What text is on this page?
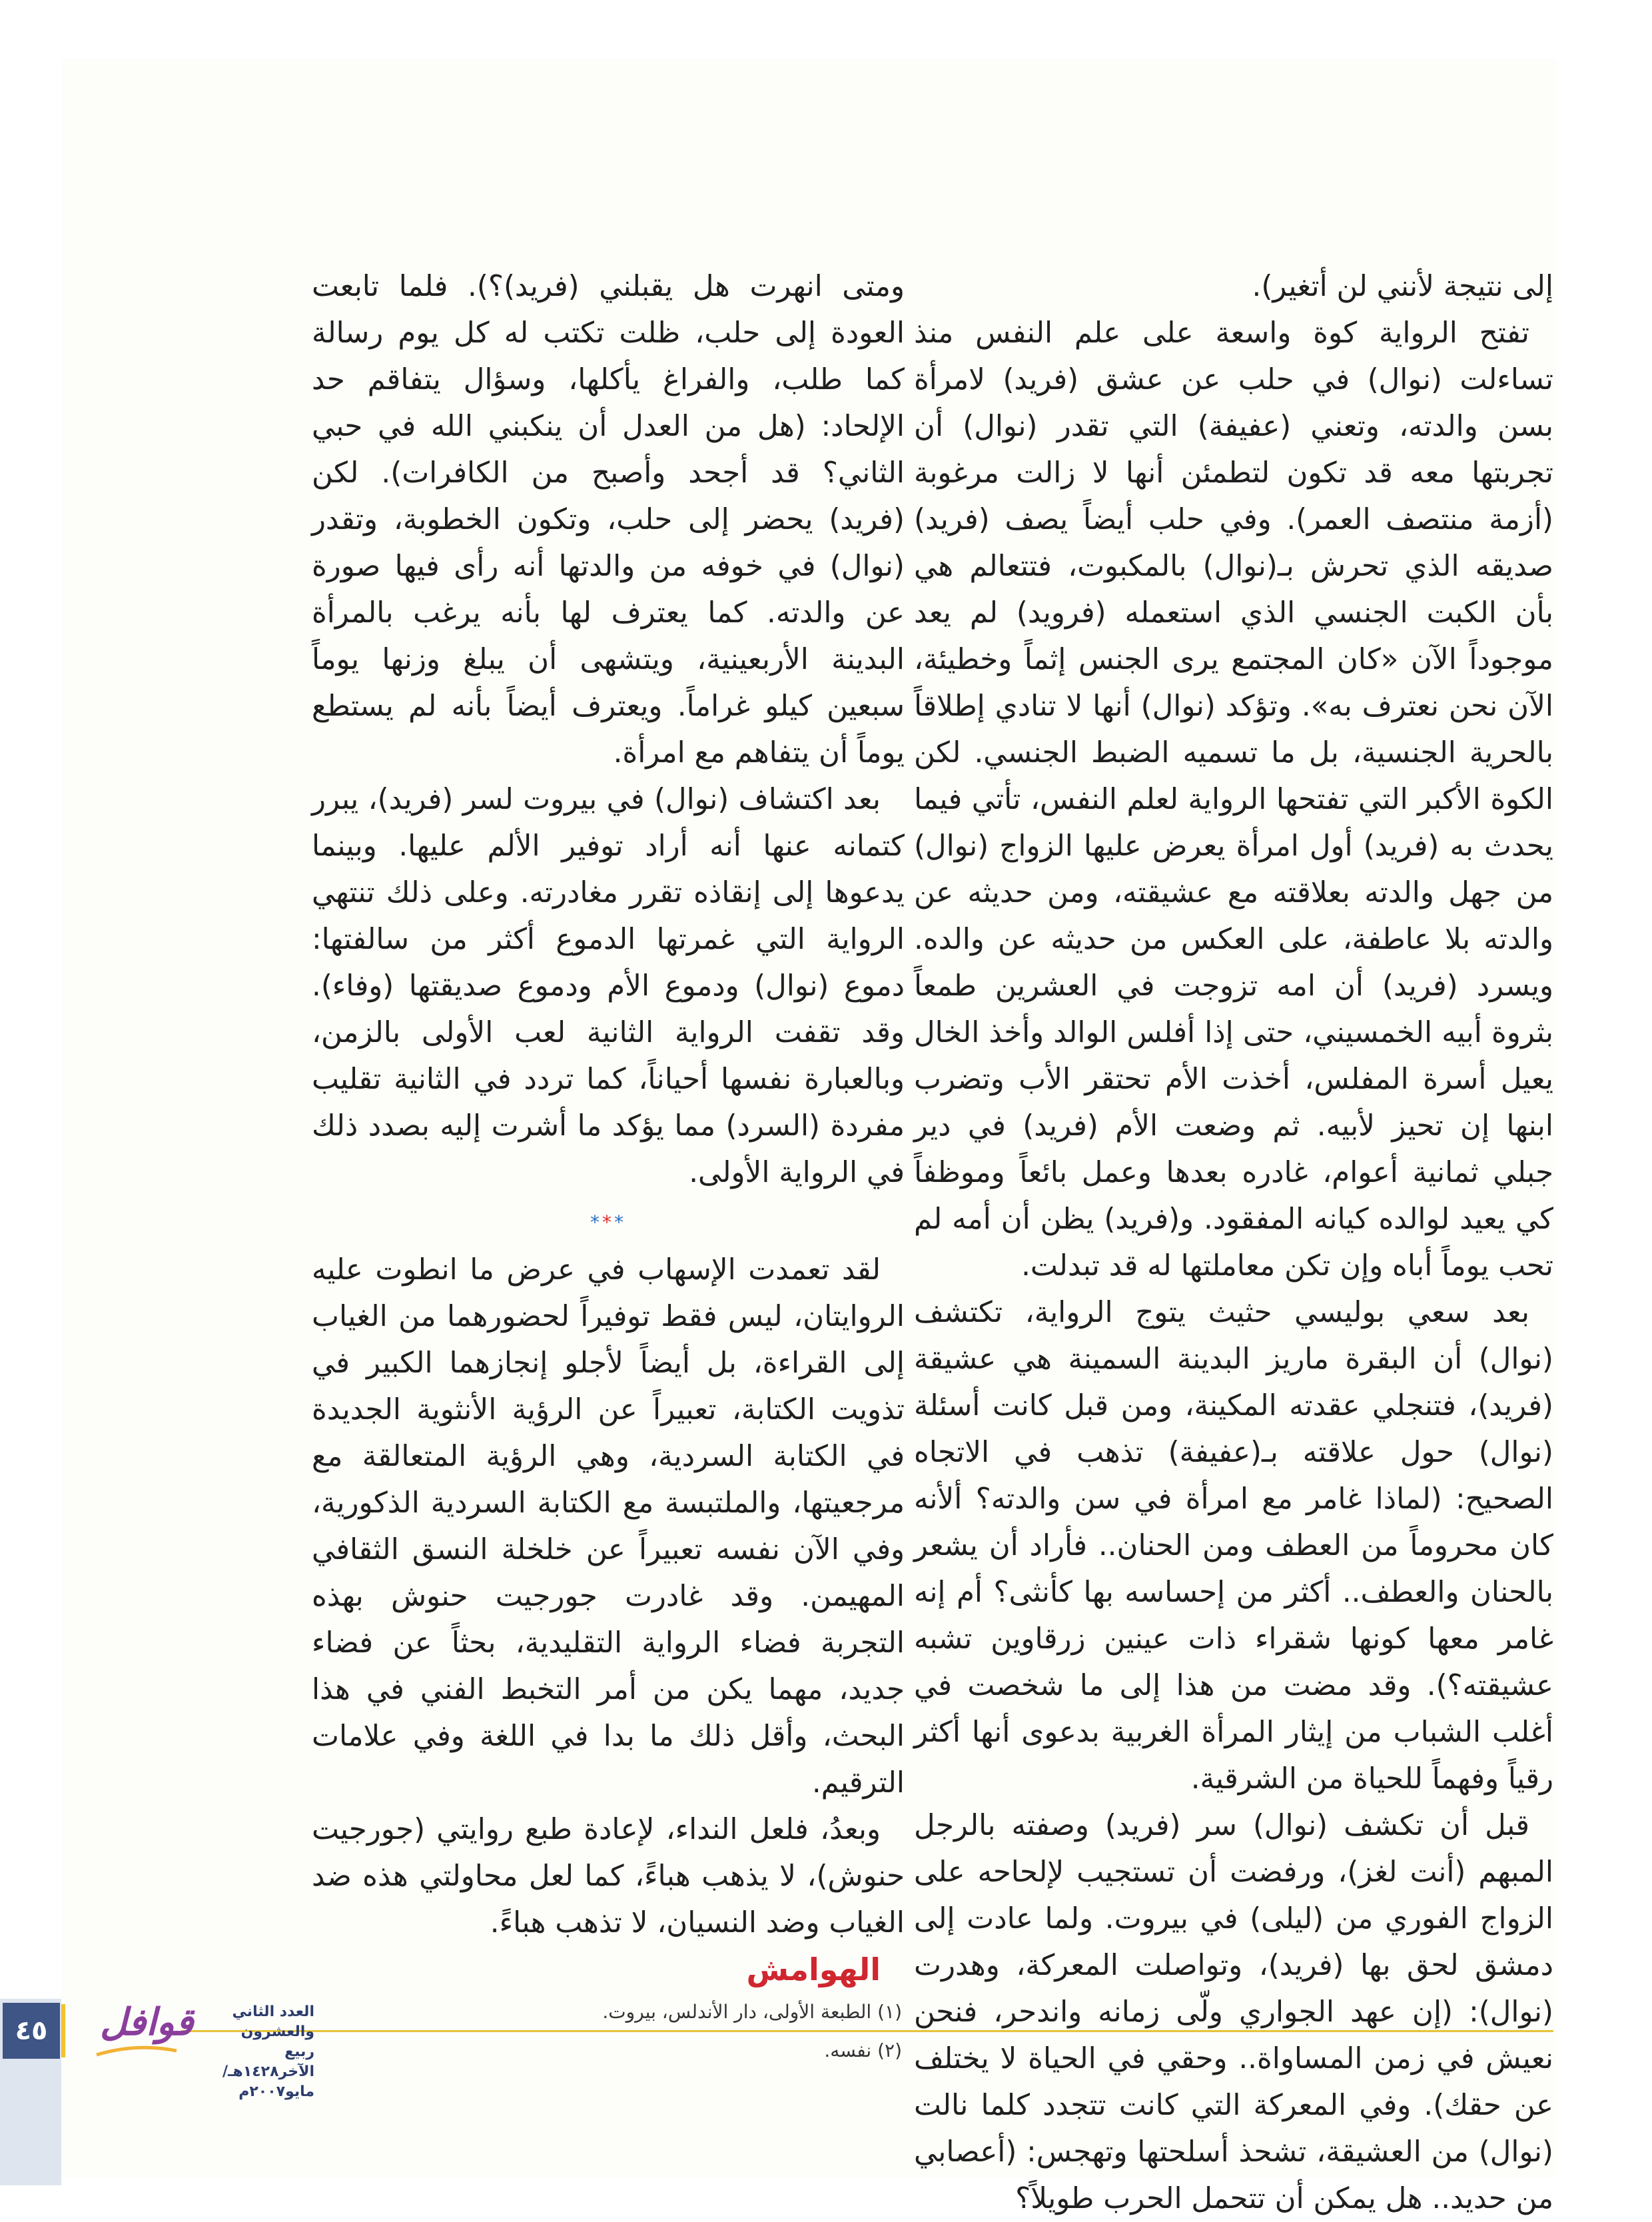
إلى نتيجة لأنني لن أتغير).

تفتح الرواية كوة واسعة على علم النفس منذ تساءلت (نوال) في حلب عن عشق (فريد) لامرأة بسن والدته، وتعني (عفيفة) التي تقدر (نوال) أن تجربتها معه قد تكون لتطمئن أنها لا زالت مرغوبة (أزمة منتصف العمر). وفي حلب أيضاً يصف (فريد) صديقه الذي تحرش بـ(نوال) بالمكبوت، فتتعالم هي بأن الكبت الجنسي الذي استعمله (فرويد) لم يعد موجوداً الآن «كان المجتمع يرى الجنس إثماً وخطيئة، الآن نحن نعترف به». وتؤكد (نوال) أنها لا تنادي إطلاقاً بالحرية الجنسية، بل ما تسميه الضبط الجنسي. لكن الكوة الأكبر التي تفتحها الرواية لعلم النفس، تأتي فيما يحدث به (فريد) أول امرأة يعرض عليها الزواج (نوال) من جهل والدته بعلاقته مع عشيقته، ومن حديثه عن والدته بلا عاطفة، على العكس من حديثه عن والده. ويسرد (فريد) أن امه تزوجت في العشرين طمعاً بثروة أبيه الخمسيني، حتى إذا أفلس الوالد وأخذ الخال يعيل أسرة المفلس، أخذت الأم تحتقر الأب وتضرب ابنها إن تحيز لأبيه. ثم وضعت الأم (فريد) في دير جبلي ثمانية أعوام، غادره بعدها وعمل بائعاً وموظفاً كي يعيد لوالده كيانه المفقود. و(فريد) يظن أن أمه لم تحب يوماً أباه وإن تكن معاملتها له قد تبدلت.

بعد سعي بوليسي حثيث يتوج الرواية، تكتشف (نوال) أن البقرة ماريز البدينة السمينة هي عشيقة (فريد)، فتنجلي عقدته المكينة، ومن قبل كانت أسئلة (نوال) حول علاقته بـ(عفيفة) تذهب في الاتجاه الصحيح: (لماذا غامر مع امرأة في سن والدته؟ ألأنه كان محروماً من العطف ومن الحنان.. فأراد أن يشعر بالحنان والعطف.. أكثر من إحساسه بها كأنثى؟ أم إنه غامر معها كونها شقراء ذات عينين زرقاوين تشبه عشيقته؟). وقد مضت من هذا إلى ما شخصت في أغلب الشباب من إيثار المرأة الغربية بدعوى أنها أكثر رقياً وفهماً للحياة من الشرقية.

قبل أن تكشف (نوال) سر (فريد) وصفته بالرجل المبهم (أنت لغز)، ورفضت أن تستجيب لإلحاحه على الزواج الفوري من (ليلى) في بيروت. ولما عادت إلى دمشق لحق بها (فريد)، وتواصلت المعركة، وهدرت (نوال): (إن عهد الجواري ولّى زمانه واندحر، فنحن نعيش في زمن المساواة.. وحقي في الحياة لا يختلف عن حقك). وفي المعركة التي كانت تتجدد كلما نالت (نوال) من العشيقة، تشحذ أسلحتها وتهجس: (أعصابي من حديد.. هل يمكن أن تتحمل الحرب طويلاً؟

ومتى انهرت هل يقبلني (فريد)؟). فلما تابعت العودة إلى حلب، ظلت تكتب له كل يوم رسالة كما طلب، والفراغ يأكلها، وسؤال يتفاقم حد الإلحاد: (هل من العدل أن ينكبني الله في حبي الثاني؟ قد أجحد وأصبح من الكافرات). لكن (فريد) يحضر إلى حلب، وتكون الخطوبة، وتقدر (نوال) في خوفه من والدتها أنه رأى فيها صورة عن والدته. كما يعترف لها بأنه يرغب بالمرأة البدينة الأربعينية، ويتشهى أن يبلغ وزنها يوماً سبعين كيلو غراماً. ويعترف أيضاً بأنه لم يستطع يوماً أن يتفاهم مع امرأة.

بعد اكتشاف (نوال) في بيروت لسر (فريد)، يبرر كتمانه عنها أنه أراد توفير الألم عليها. وبينما يدعوها إلى إنقاذه تقرر مغادرته. وعلى ذلك تنتهي الرواية التي غمرتها الدموع أكثر من سالفتها: دموع (نوال) ودموع الأم ودموع صديقتها (وفاء). وقد تقفت الرواية الثانية لعب الأولى بالزمن، وبالعبارة نفسها أحياناً، كما تردد في الثانية تقليب مفردة (السرد) مما يؤكد ما أشرت إليه بصدد ذلك في الرواية الأولى.

***

لقد تعمدت الإسهاب في عرض ما انطوت عليه الروايتان، ليس فقط توفيراً لحضورهما من الغياب إلى القراءة، بل أيضاً لأجلو إنجازهما الكبير في تذويت الكتابة، تعبيراً عن الرؤية الأنثوية الجديدة في الكتابة السردية، وهي الرؤية المتعالقة مع مرجعيتها، والملتبسة مع الكتابة السردية الذكورية، وفي الآن نفسه تعبيراً عن خلخلة النسق الثقافي المهيمن. وقد غادرت جورجيت حنوش بهذه التجربة فضاء الرواية التقليدية، بحثاً عن فضاء جديد، مهما يكن من أمر التخبط الفني في هذا البحث، وأقل ذلك ما بدا في اللغة وفي علامات الترقيم.

وبعدُ، فلعل النداء، لإعادة طبع روايتي (جورجيت حنوش)، لا يذهب هباءً، كما لعل محاولتي هذه ضد الغياب وضد النسيان، لا تذهب هباءً.

الهوامش

(١) الطبعة الأولى، دار الأندلس، بيروت.

(٢) نفسه.

٤٥	قوافل	العدد الثاني والعشرون
ربيع الآخر١٤٢٨هـ/مايو٢٠٠٧م
